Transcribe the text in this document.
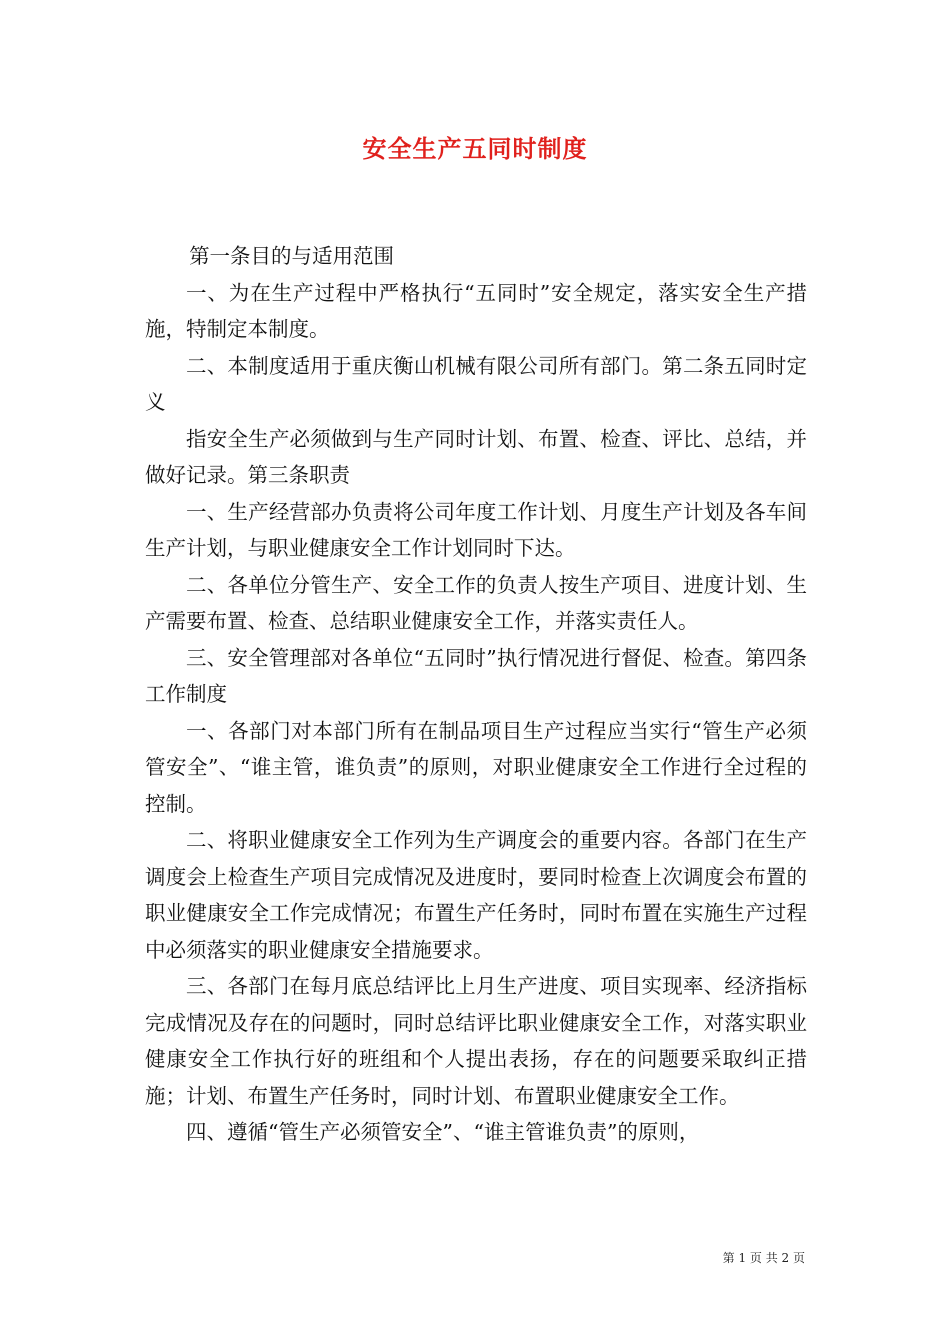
安全生产五同时制度

第一条目的与适用范围

一、为在生产过程中严格执行“五同时”安全规定，落实安全生产措施，特制定本制度。

二、本制度适用于重庆衡山机械有限公司所有部门。第二条五同时定义

指安全生产必须做到与生产同时计划、布置、检查、评比、总结，并做好记录。第三条职责

一、生产经营部办负责将公司年度工作计划、月度生产计划及各车间生产计划，与职业健康安全工作计划同时下达。

二、各单位分管生产、安全工作的负责人按生产项目、进度计划、生产需要布置、检查、总结职业健康安全工作，并落实责任人。

三、安全管理部对各单位“五同时”执行情况进行督促、检查。第四条工作制度

一、各部门对本部门所有在制品项目生产过程应当实行“管生产必须管安全”、“谁主管，谁负责”的原则，对职业健康安全工作进行全过程的控制。

二、将职业健康安全工作列为生产调度会的重要内容。各部门在生产调度会上检查生产项目完成情况及进度时，要同时检查上次调度会布置的职业健康安全工作完成情况；布置生产任务时，同时布置在实施生产过程中必须落实的职业健康安全措施要求。

三、各部门在每月底总结评比上月生产进度、项目实现率、经济指标完成情况及存在的问题时，同时总结评比职业健康安全工作，对落实职业健康安全工作执行好的班组和个人提出表扬，存在的问题要采取纠正措施；计划、布置生产任务时，同时计划、布置职业健康安全工作。

四、遵循“管生产必须管安全”、“谁主管谁负责”的原则，

第 1 页 共 2 页
